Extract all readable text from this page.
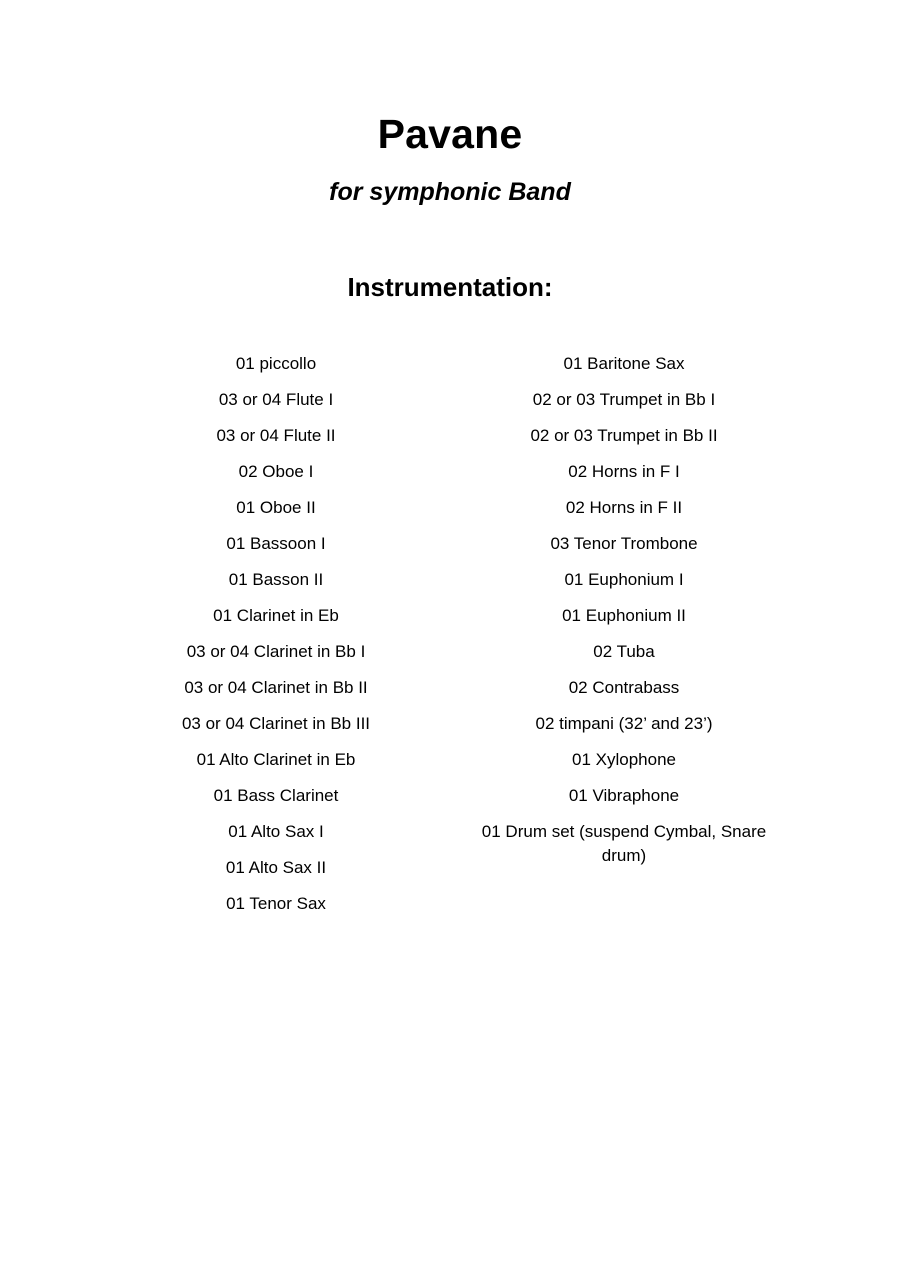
Pavane
for symphonic Band
Instrumentation:
01 piccollo
03 or 04 Flute I
03 or 04 Flute II
02 Oboe I
01 Oboe II
01 Bassoon I
01 Basson II
01 Clarinet in Eb
03 or 04 Clarinet in Bb I
03 or 04 Clarinet in Bb II
03 or 04 Clarinet in Bb III
01 Alto Clarinet in Eb
01 Bass Clarinet
01 Alto Sax I
01 Alto Sax II
01 Tenor Sax
01 Baritone Sax
02 or 03 Trumpet in Bb I
02 or 03 Trumpet in Bb II
02 Horns in F I
02 Horns in F II
03 Tenor Trombone
01 Euphonium I
01 Euphonium II
02 Tuba
02 Contrabass
02 timpani (32’ and 23’)
01 Xylophone
01 Vibraphone
01 Drum set (suspend Cymbal, Snare drum)
